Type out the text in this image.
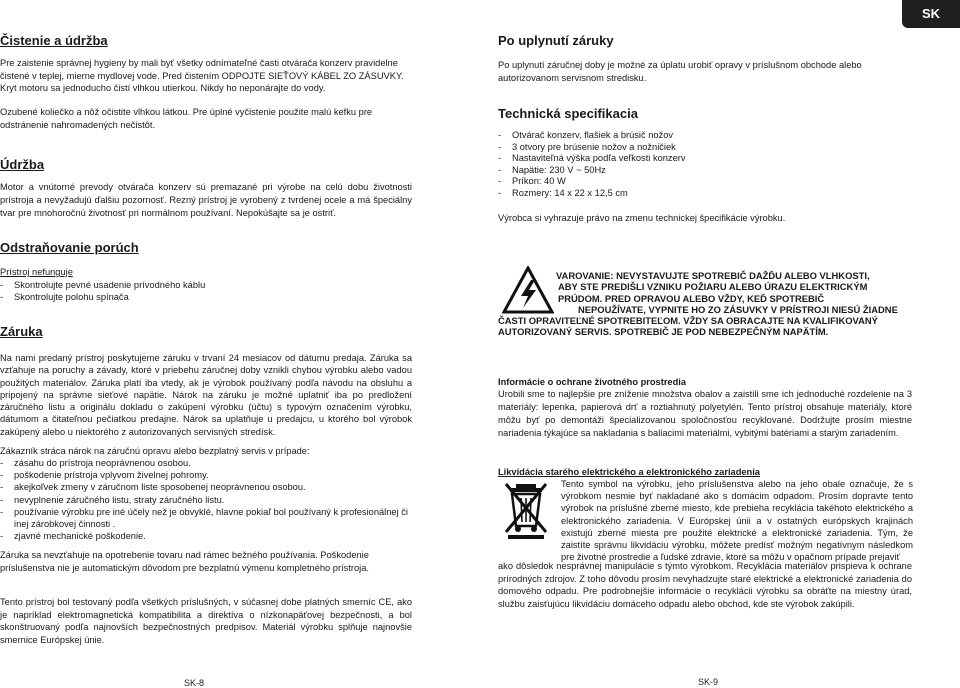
SK
Čistenie a údržba

Pre zaistenie správnej hygieny by mali byť všetky odnímateľné časti otvárača konzerv pravidelne čistené v teplej, mierne mydlovej vode. Pred čistením ODPOJTE SIEŤOVÝ KÁBEL ZO ZÁSUVKY. Kryt motoru sa jednoducho čistí vlhkou utierkou. Nikdy ho neponárajte do vody.

Ozubené koliečko a nôž očistite vlhkou látkou. Pre úplné vyčistenie použite malú kefku pre odstránenie nahromadených nečistôt.

Údržba

Motor a vnútorné prevody otvárača konzerv sú premazané pri výrobe na celú dobu životnosti prístroja a nevyžadujú ďalšiu pozornosť. Rezný prístroj je vyrobený z tvrdenej ocele a má špeciálny tvar pre mnohoročnú životnosť pri normálnom používaní. Nepokúšajte sa je ostriť.

Odstraňovanie porúch

Prístroj nefunguje

- Skontrolujte pevné usadenie prívodného káblu
- Skontrolujte polohu spínača
Záruka

Na nami predaný prístroj poskytujeme záruku v trvaní 24 mesiacov od dátumu predaja. Záruka sa vzťahuje na poruchy a závady, ktoré v priebehu záručnej doby vznikli chybou výrobku alebo vadou použitých materiálov. Záruka platí iba vtedy, ak je výrobok používaný podľa návodu na obsluhu a pripojený na správne sieťové napätie. Nárok na záruku je možné uplatniť iba po predložení záručného listu a originálu dokladu o zakúpení výrobku (účtu) s typovým označením výrobku, dátumom a čitateľnou pečiatkou predajne. Nárok sa uplatňuje u predajcu, u ktorého bol výrobok zakúpený alebo u niektorého z autorizovaných servisných stredísk.

Zákazník stráca nárok na záručnú opravu alebo bezplatný servis v prípade:

- zásahu do prístroja neoprávnenou osobou.
- poškodenie prístroja vplyvom živelnej pohromy.
- akejkoľvek zmeny v záručnom liste sposobenej neoprávnenou osobou.
- nevyplnenie záručného listu, straty záručného listu.
- používanie výrobku pre iné účely než je obvyklé, hlavne pokiaľ bol používaný k profesionálnej či inej zárobkovej činnosti .
- zjavné mechanické poškodenie.

Záruka sa nevzťahuje na opotrebenie tovaru nad rámec bežného používania. Poškodenie príslušenstva nie je automatickým dôvodom pre bezplatnú výmenu kompletného prístroja.

Tento prístroj bol testovaný podľa všetkých príslušných, v súčasnej dobe platných smerníc CE, ako je napríklad elektromagnetická kompatibilita a direktíva o nízkonapäťovej bezpečnosti, a bol skonštruovaný podľa najnovších bezpečnostných predpisov. Materiál výrobku splňuje najnovšie smernice Európskej únie.

SK-8
Po uplynutí záruky

Po uplynutí záručnej doby je možné za úplatu urobiť opravy v príslušnom obchode alebo autorizovanom servisnom stredisku.

Technická specifikacia
- Otvárač konzerv, flašiek a brúsič nožov
- 3 otvory pre brúsenie nožov a nožničiek
- Nastaviteľná výška podľa veľkosti konzerv
- Napätie: 230 V ~ 50Hz
- Príkon: 40 W
- Rozmery: 14 x 22 x 12,5 cm

Výrobca si vyhrazuje právo na zmenu technickej špecifikácie výrobku.

VAROVANIE: NEVYSTAVUJTE SPOTREBIČ DAŽĎU ALEBO VLHKOSTI,

ABY STE PREDIŠLI VZNIKU POŽIARU ALEBO ÚRAZU ELEKTRICKÝM

PRÚDOM. PRED OPRAVOU ALEBO VŽDY, KEĎ SPOTREBIČ

NEPOUŽÍVATE, VYPNITE HO ZO ZÁSUVKY V PRÍSTROJI NIESÚ ŽIADNE

ČASTI OPRAVITEĽNÉ SPOTREBITEĽOM. VŽDY SA OBRACAJTE NA KVALIFIKOVANÝ

AUTORIZOVANÝ SERVIS. SPOTREBIČ JE POD NEBEZPEČNÝM NAPÄTÍM.

Informácie o ochrane životného prostredia

Urobili sme to najlepšie pre zníženie množstva obalov a zaistili sme ich jednoduché rozdelenie na 3 materiály: lepenka, papierová drť a roztiahnutý polyetylén. Tento prístroj obsahuje materiály, ktoré môžu byť po demontáži špecializovanou spoločnosťou recyklované. Dodržujte prosím miestne nariadenia týkajúce sa nakladania s baliacimi materiálmi, vybitými batériami a starým zariadením.

Likvidácia starého elektrického a elektronického zariadenia

Tento symbol na výrobku, jeho príslušenstva alebo na jeho obale označuje, že s výrobkom nesmie byť nakladané ako s domácim odpadom. Prosím dopravte tento výrobok na príslušné zberné miesto, kde prebieha recyklácia takéhoto elektrického a elektronického zariadenia. V Európskej únii a v ostatných európskych krajinách existujú zberné miesta pre použité elektrické a elektronické zariadenia. Tým, že zaistíte správnu likvidáciu výrobku, môžete predísť možným negatívnym následkom pre životné prostredie a ľudské zdravie, ktoré sa môžu v opačnom prípade prejaviť

ako dôsledok nesprávnej manipulácie s týmto výrobkom. Recyklácia materiálov prispieva k ochrane prírodných zdrojov. Z toho dôvodu prosím nevyhadzujte staré elektrické a elektronické zariadenia do domového odpadu. Pre podrobnejšie informácie o recyklácii výrobku sa obráťte na miestny úrad, službu zaisťujúcu likvidáciu domáceho odpadu alebo obchod, kde ste výrobok zakúpili.

SK-9
